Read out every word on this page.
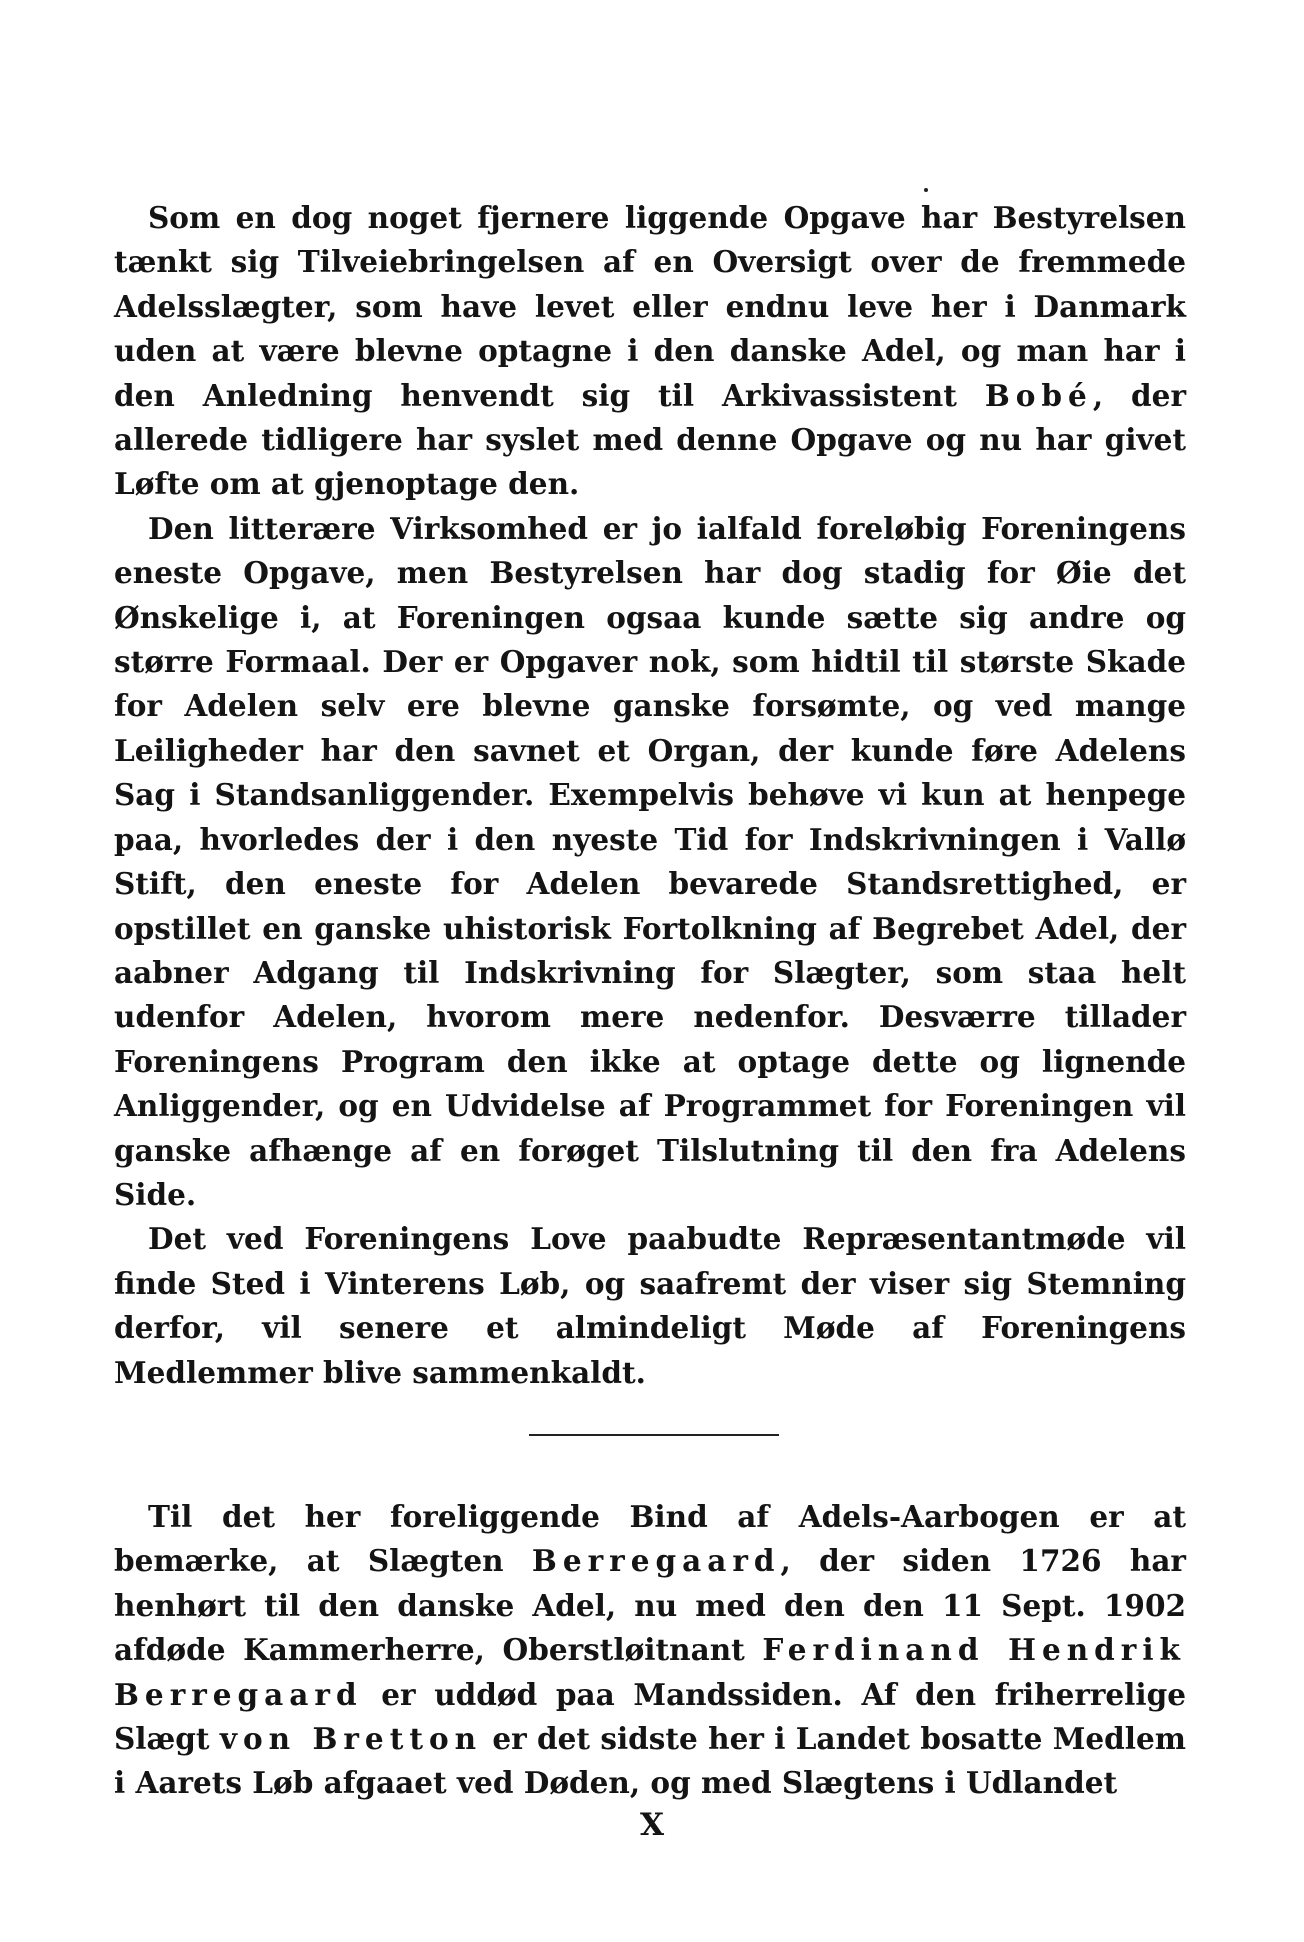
Som en dog noget fjernere liggende Opgave har Bestyrelsen tænkt sig Tilveiebringelsen af en Oversigt over de fremmede Adelsslægter, som have levet eller endnu leve her i Danmark uden at være blevne optagne i den danske Adel, og man har i den Anledning henvendt sig til Arkivassistent Bobé, der allerede tidligere har syslet med denne Opgave og nu har givet Løfte om at gjenoptage den.

Den litterære Virksomhed er jo ialfald foreløbig Foreningens eneste Opgave, men Bestyrelsen har dog stadig for Øie det Ønskelige i, at Foreningen ogsaa kunde sætte sig andre og større Formaal. Der er Opgaver nok, som hidtil til største Skade for Adelen selv ere blevne ganske forsømte, og ved mange Leiligheder har den savnet et Organ, der kunde føre Adelens Sag i Standsanliggender. Exempelvis behøve vi kun at henpege paa, hvorledes der i den nyeste Tid for Indskrivningen i Vallø Stift, den eneste for Adelen bevarede Standsrettighed, er opstillet en ganske uhistorisk Fortolkning af Begrebet Adel, der aabner Adgang til Indskrivning for Slægter, som staa helt udenfor Adelen, hvorom mere nedenfor. Desværre tillader Foreningens Program den ikke at optage dette og lignende Anliggender, og en Udvidelse af Programmet for Foreningen vil ganske afhænge af en forøget Tilslutning til den fra Adelens Side.

Det ved Foreningens Love paabudte Repræsentantmøde vil finde Sted i Vinterens Løb, og saafremt der viser sig Stemning derfor, vil senere et almindeligt Møde af Foreningens Medlemmer blive sammenkaldt.

Til det her foreliggende Bind af Adels-Aarbogen er at bemærke, at Slægten Berregaard, der siden 1726 har henhørt til den danske Adel, nu med den den 11 Sept. 1902 afdøde Kammerherre, Oberstløitnant Ferdinand Hendrik Berregaard er uddød paa Mandssiden. Af den friherrelige Slægt von Bretton er det sidste her i Landet bosatte Medlem i Aarets Løb afgaaet ved Døden, og med Slægtens i Udlandet

X
